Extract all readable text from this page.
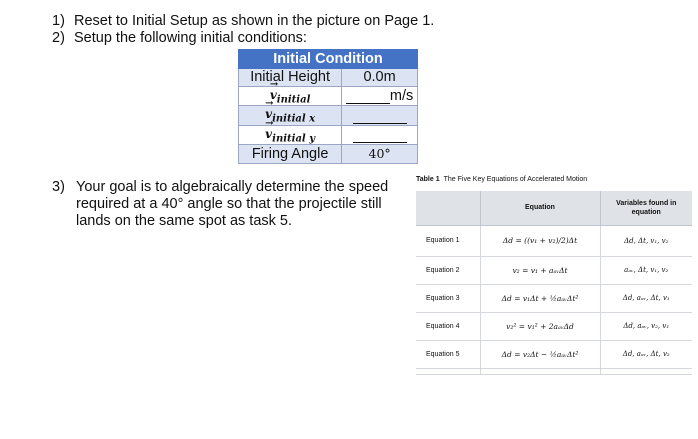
1) Reset to Initial Setup as shown in the picture on Page 1.
2) Setup the following initial conditions:
Initial Condition	
Initial Height	0.0m
→ $v_{initial}$	m/s
→ $v_{initial x}$	
→ $v_{initial y}$	
Firing Angle	40°
3) Your goal is to algebraically determine the speed required at a 40° angle so that the projectile still lands on the same spot as task 5.
Table 1 The Five Key Equations of Accelerated Motion
	Equation	Variables found in equation
Equation 1	Δd = ((v₁ + v₂)/2)Δt	Δd, Δt, v₁, v₂
Equation 2	v₂ = v₁ + aₐᵥΔt	aₐᵥ, Δt, v₁, v₂
Equation 3	Δd = v₁Δt + ½aₐᵥΔt²	Δd, aₐᵥ, Δt, v₁
Equation 4	v₂² = v₁² + 2aₐᵥΔd	Δd, aₐᵥ, v₂, v₁
Equation 5	Δd = v₂Δt − ½aₐᵥΔt²	Δd, aₐᵥ, Δt, v₂
